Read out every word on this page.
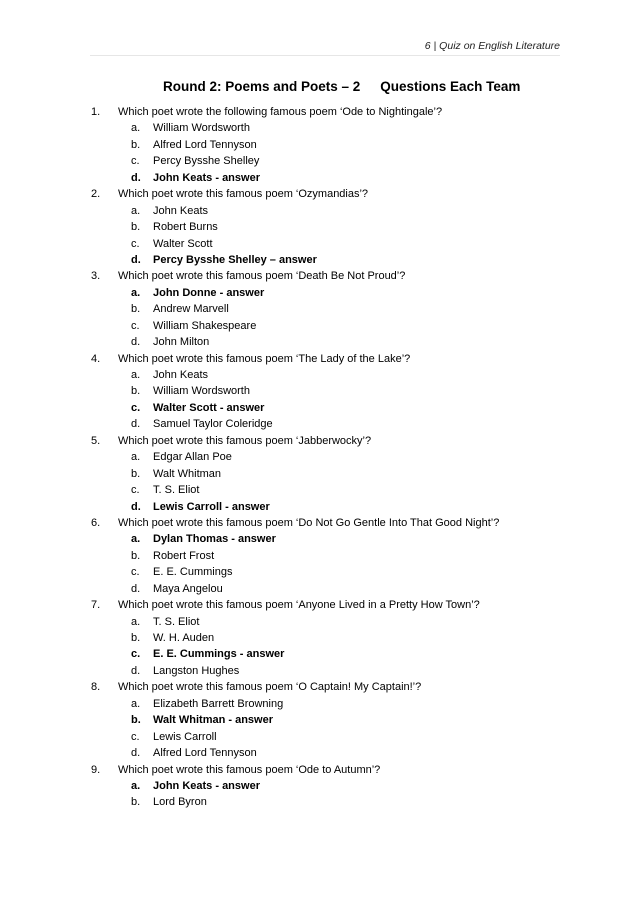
6 | Quiz on English Literature
Round 2: Poems and Poets – 2 Questions Each Team
1.	Which poet wrote the following famous poem ‘Ode to Nightingale’?
a. William Wordsworth
b. Alfred Lord Tennyson
c. Percy Bysshe Shelley
d. John Keats - answer
2.	Which poet wrote this famous poem ‘Ozymandias’?
a. John Keats
b. Robert Burns
c. Walter Scott
d. Percy Bysshe Shelley – answer
3.	Which poet wrote this famous poem ‘Death Be Not Proud’?
a. John Donne - answer
b. Andrew Marvell
c. William Shakespeare
d. John Milton
4.	Which poet wrote this famous poem ‘The Lady of the Lake’?
a. John Keats
b. William Wordsworth
c. Walter Scott - answer
d. Samuel Taylor Coleridge
5.	Which poet wrote this famous poem ‘Jabberwocky’?
a. Edgar Allan Poe
b. Walt Whitman
c. T. S. Eliot
d. Lewis Carroll - answer
6.	Which poet wrote this famous poem ‘Do Not Go Gentle Into That Good Night’?
a. Dylan Thomas - answer
b. Robert Frost
c. E. E. Cummings
d. Maya Angelou
7.	Which poet wrote this famous poem ‘Anyone Lived in a Pretty How Town’?
a. T. S. Eliot
b. W. H. Auden
c. E. E. Cummings - answer
d. Langston Hughes
8.	Which poet wrote this famous poem ‘O Captain! My Captain!’?
a. Elizabeth Barrett Browning
b. Walt Whitman - answer
c. Lewis Carroll
d. Alfred Lord Tennyson
9.	Which poet wrote this famous poem ‘Ode to Autumn’?
a. John Keats - answer
b. Lord Byron
